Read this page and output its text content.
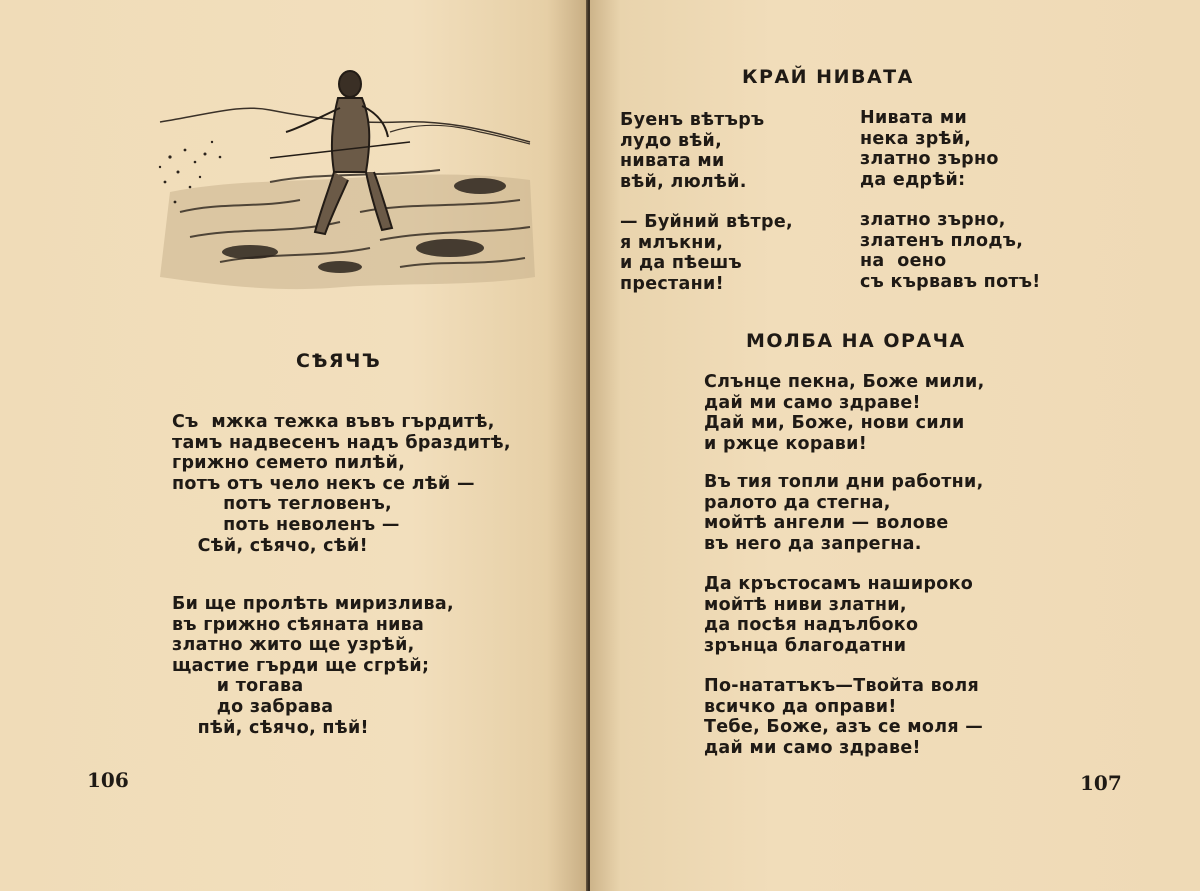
СѢЯЧЪ
Съ  мжка тежка въвъ гърдитѣ,
тамъ надвесенъ надъ браздитѣ,
грижно семето пилѣй,
потъ отъ чело некъ се лѣй —
потъ тегловенъ,
поть неволенъ —
Сѣй, сѣячо, сѣй!
Би ще пролѣть миризлива,
въ грижно сѣяната нива
златно жито ще узрѣй,
щастие гърди ще сгрѣй;
и тогава
до забрава
пѣй, сѣячо, пѣй!
106
КРАЙ НИВАТА
Буенъ вѣтъръ
лудо вѣй,
нивата ми
вѣй, люлѣй.
— Буйний вѣтре,
я млъкни,
и да пѣешъ
престани!
Нивата ми
нека зрѣй,
златно зърно
да едрѣй:
златно зърно,
златенъ плодъ,
на  оено
съ кървавъ потъ!
МОЛБА НА ОРАЧА
Слънце пекна, Боже мили,
дай ми само здраве!
Дай ми, Боже, нови сили
и ржце корави!
Въ тия топли дни работни,
ралото да стегна,
мойтѣ ангели — волове
въ него да запрегна.
Да кръстосамъ нашироко
мойтѣ ниви златни,
да посѣя надълбоко
зрънца благодатни
По-нататъкъ—Твойта воля
всичко да оправи!
Тебе, Боже, азъ се моля —
дай ми само здраве!
107
